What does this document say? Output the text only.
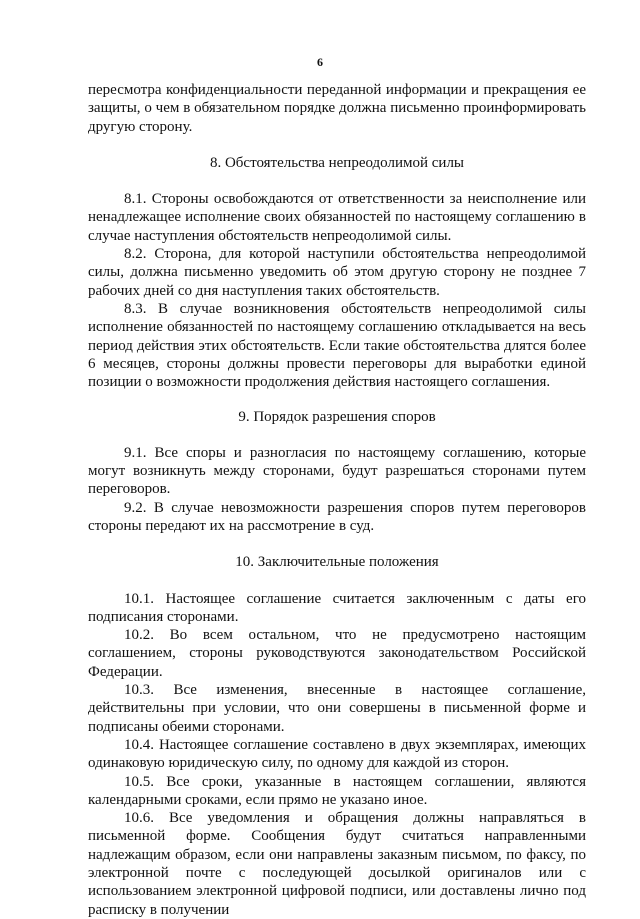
6

пересмотра конфиденциальности переданной информации и прекращения ее защиты, о чем в обязательном порядке должна письменно проинформировать другую сторону.

8. Обстоятельства непреодолимой силы

8.1. Стороны освобождаются от ответственности за неисполнение или ненадлежащее исполнение своих обязанностей по настоящему соглашению в случае наступления обстоятельств непреодолимой силы.

8.2. Сторона, для которой наступили обстоятельства непреодолимой силы, должна письменно уведомить об этом другую сторону не позднее 7 рабочих дней со дня наступления таких обстоятельств.

8.3. В случае возникновения обстоятельств непреодолимой силы исполнение обязанностей по настоящему соглашению откладывается на весь период действия этих обстоятельств. Если такие обстоятельства длятся более 6 месяцев, стороны должны провести переговоры для выработки единой позиции о возможности продолжения действия настоящего соглашения.

9. Порядок разрешения споров

9.1. Все споры и разногласия по настоящему соглашению, которые могут возникнуть между сторонами, будут разрешаться сторонами путем переговоров.

9.2. В случае невозможности разрешения споров путем переговоров стороны передают их на рассмотрение в суд.

10. Заключительные положения

10.1. Настоящее соглашение считается заключенным с даты его подписания сторонами.

10.2. Во всем остальном, что не предусмотрено настоящим соглашением, стороны руководствуются законодательством Российской Федерации.

10.3. Все изменения, внесенные в настоящее соглашение, действительны при условии, что они совершены в письменной форме и подписаны обеими сторонами.

10.4. Настоящее соглашение составлено в двух экземплярах, имеющих одинаковую юридическую силу, по одному для каждой из сторон.

10.5. Все сроки, указанные в настоящем соглашении, являются календарными сроками, если прямо не указано иное.

10.6. Все уведомления и обращения должны направляться в письменной форме. Сообщения будут считаться направленными надлежащим образом, если они направлены заказным письмом, по факсу, по электронной почте с последующей досылкой оригиналов или с использованием электронной цифровой подписи, или доставлены лично под расписку в получении
